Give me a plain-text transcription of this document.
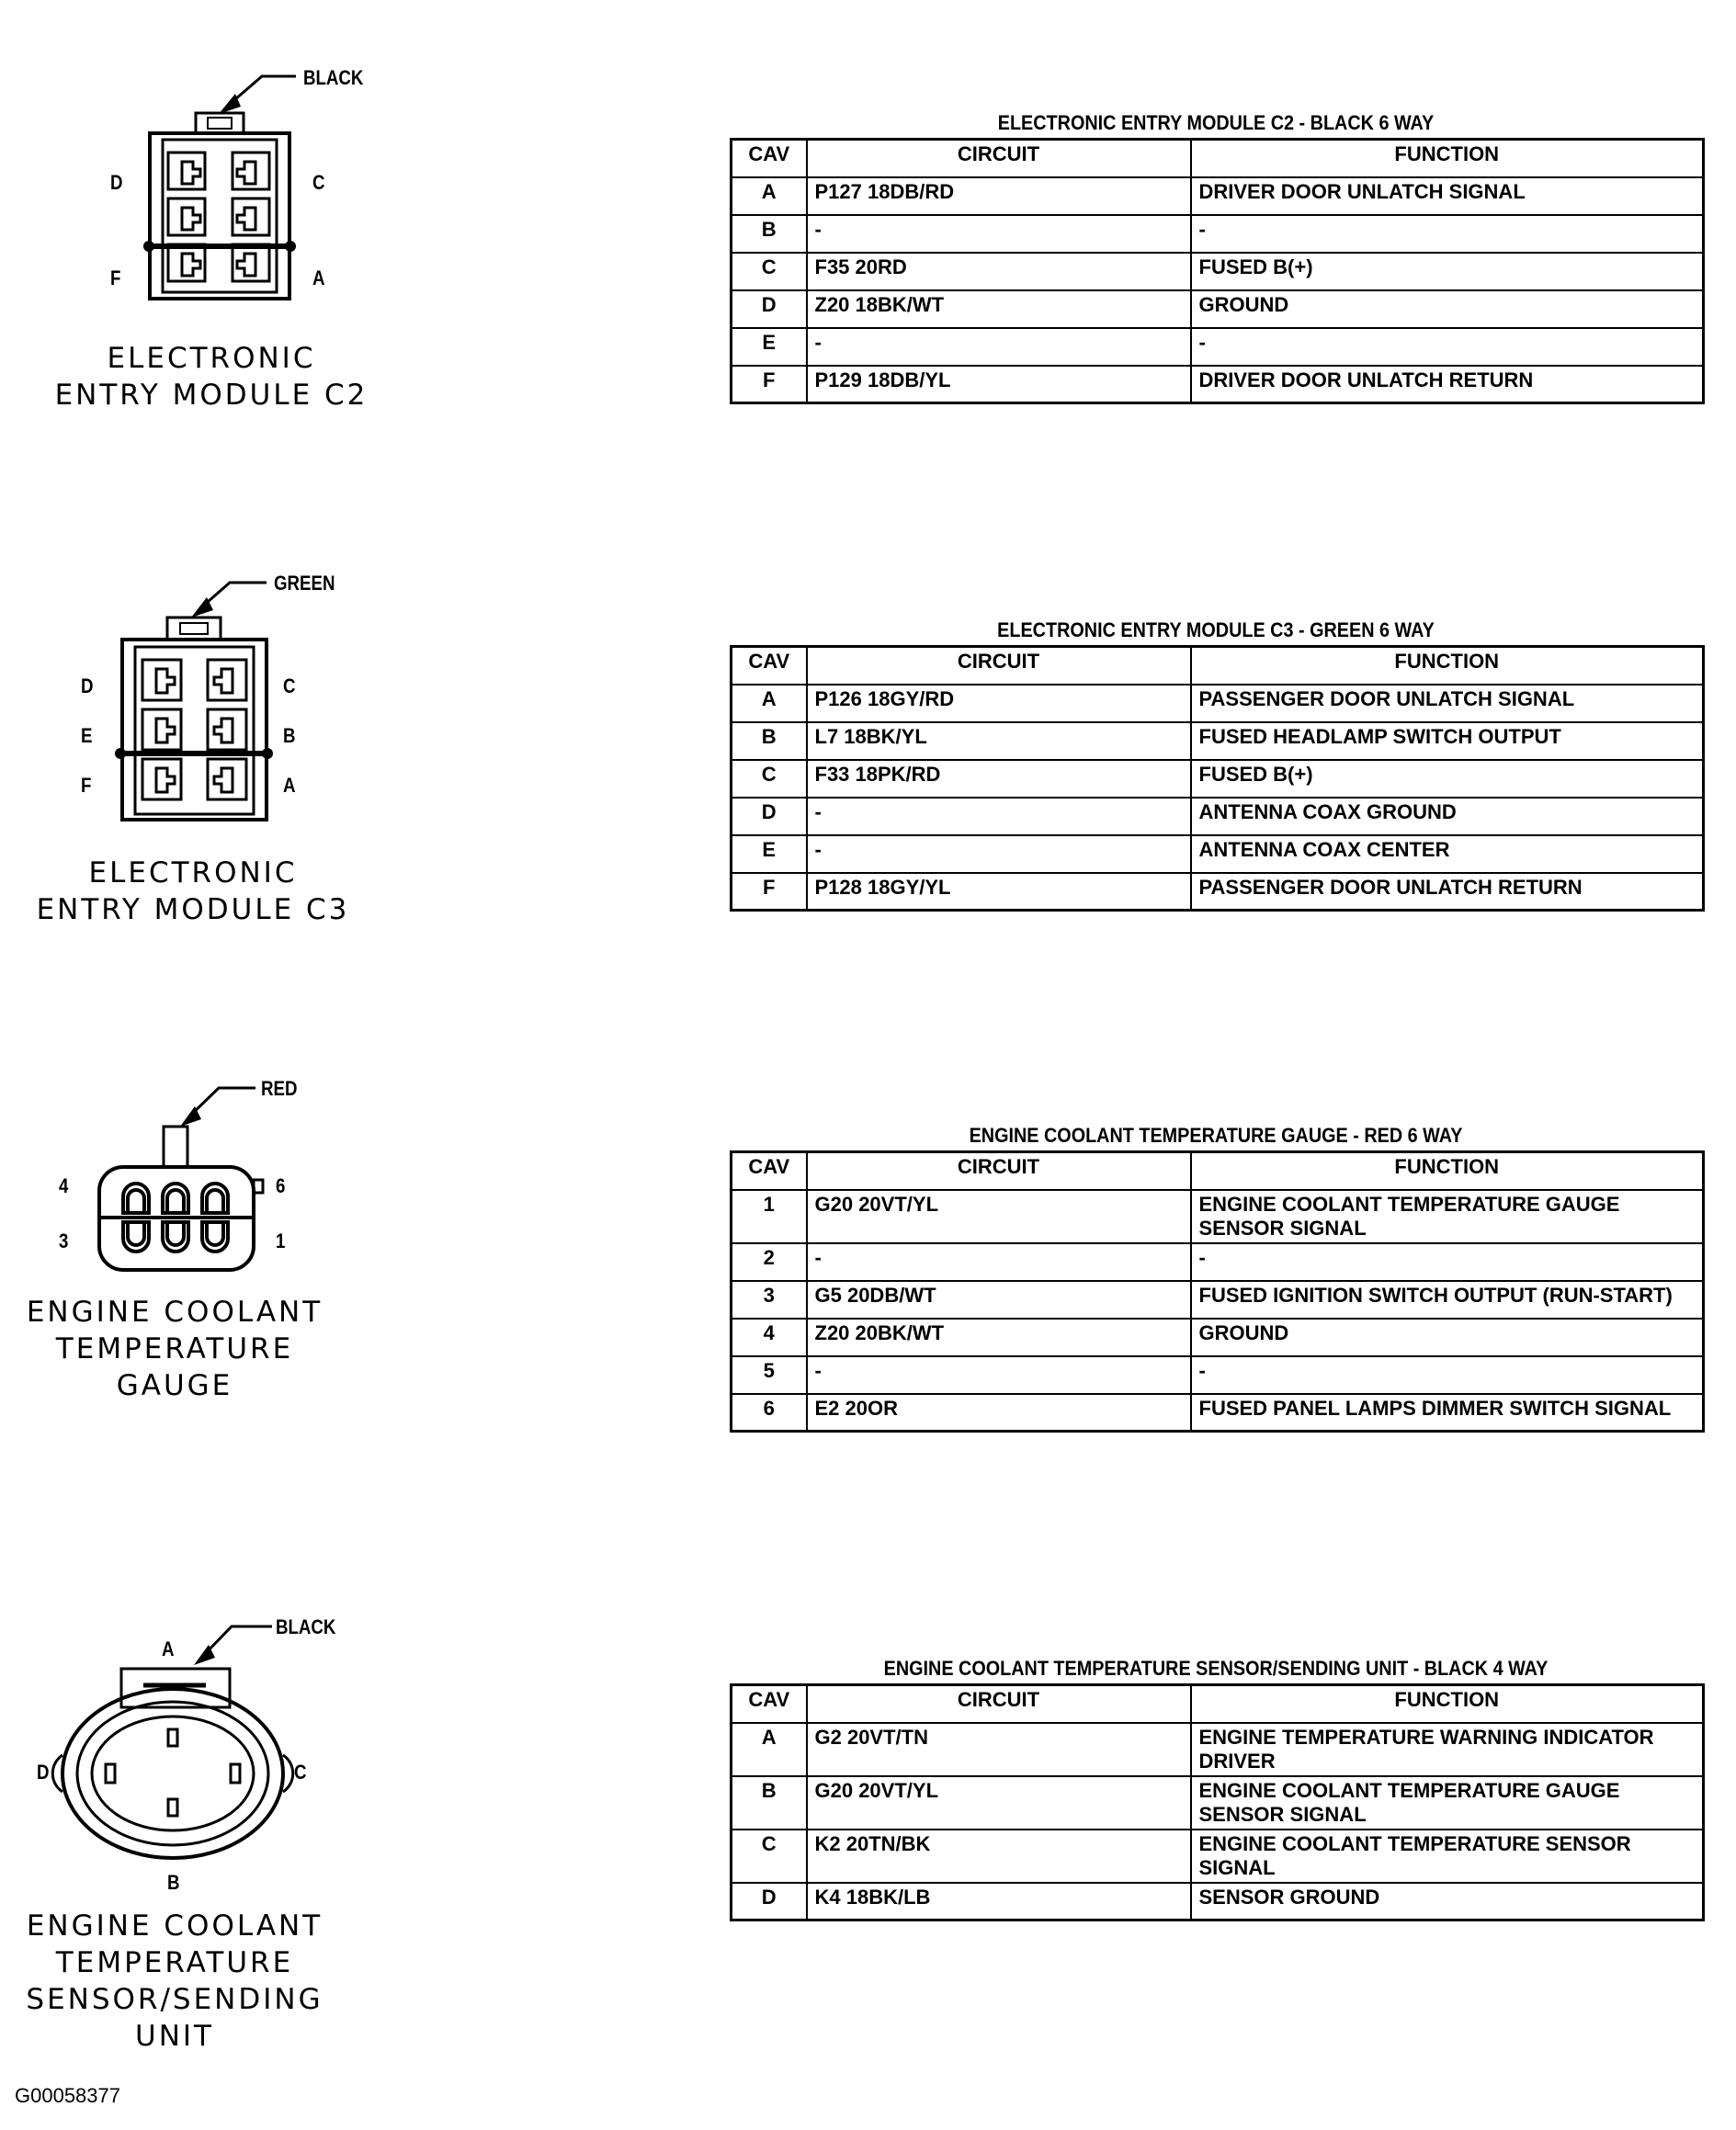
BLACK
D	C
F	A
ELECTRONIC
ENTRY MODULE C2
GREEN
D	C
E	B
F	A
ELECTRONIC
ENTRY MODULE C3
RED
4	6
3	1
ENGINE COOLANT
TEMPERATURE
GAUGE
A
BLACK
D	C
B
ENGINE COOLANT
TEMPERATURE
SENSOR/SENDING
UNIT
ELECTRONIC ENTRY MODULE C2 - BLACK 6 WAY
CAV	CIRCUIT	FUNCTION
A	P127 18DB/RD	DRIVER DOOR UNLATCH SIGNAL
B	-	-
C	F35 20RD	FUSED B(+)
D	Z20 18BK/WT	GROUND
E	-	-
F	P129 18DB/YL	DRIVER DOOR UNLATCH RETURN
ELECTRONIC ENTRY MODULE C3 - GREEN 6 WAY
CAV	CIRCUIT	FUNCTION
A	P126 18GY/RD	PASSENGER DOOR UNLATCH SIGNAL
B	L7 18BK/YL	FUSED HEADLAMP SWITCH OUTPUT
C	F33 18PK/RD	FUSED B(+)
D	-	ANTENNA COAX GROUND
E	-	ANTENNA COAX CENTER
F	P128 18GY/YL	PASSENGER DOOR UNLATCH RETURN
ENGINE COOLANT TEMPERATURE GAUGE - RED 6 WAY
CAV	CIRCUIT	FUNCTION
1	G20 20VT/YL	ENGINE COOLANT TEMPERATURE GAUGE SENSOR SIGNAL
2	-	-
3	G5 20DB/WT	FUSED IGNITION SWITCH OUTPUT (RUN-START)
4	Z20 20BK/WT	GROUND
5	-	-
6	E2 20OR	FUSED PANEL LAMPS DIMMER SWITCH SIGNAL
ENGINE COOLANT TEMPERATURE SENSOR/SENDING UNIT - BLACK 4 WAY
CAV	CIRCUIT	FUNCTION
A	G2 20VT/TN	ENGINE TEMPERATURE WARNING INDICATOR DRIVER
B	G20 20VT/YL	ENGINE COOLANT TEMPERATURE GAUGE SENSOR SIGNAL
C	K2 20TN/BK	ENGINE COOLANT TEMPERATURE SENSOR SIGNAL
D	K4 18BK/LB	SENSOR GROUND
G00058377
